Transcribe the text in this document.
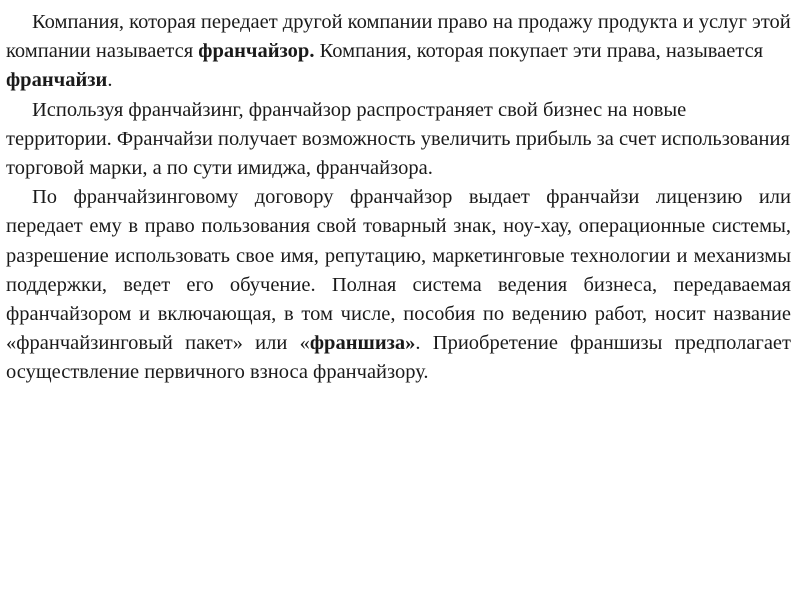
Компания, которая передает другой компании право на продажу продукта и услуг этой компании называется франчайзор. Компания, которая покупает эти права, называется франчайзи.

Используя франчайзинг, франчайзор распространяет свой бизнес на новые территории. Франчайзи получает возможность увеличить прибыль за счет использования торговой марки, а по сути имиджа, франчайзора.

По франчайзинговому договору франчайзор выдает франчайзи лицензию или передает ему в право пользования свой товарный знак, ноу-хау, операционные системы, разрешение использовать свое имя, репутацию, маркетинговые технологии и механизмы поддержки, ведет его обучение. Полная система ведения бизнеса, передаваемая франчайзором и включающая, в том числе, пособия по ведению работ, носит название «франчайзинговый пакет» или «франшиза». Приобретение франшизы предполагает осуществление первичного взноса франчайзору.
